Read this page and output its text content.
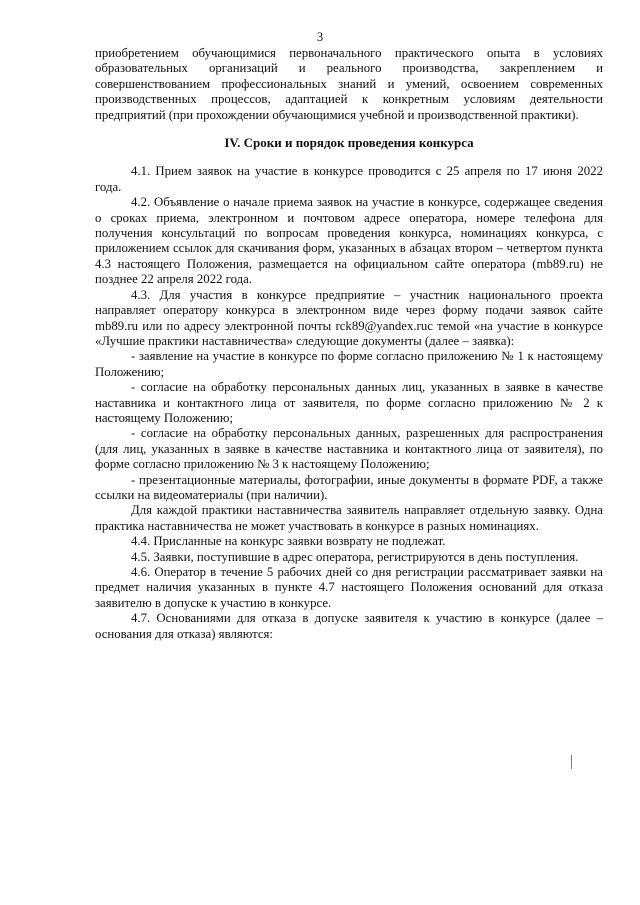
3

приобретением обучающимися первоначального практического опыта в условиях образовательных организаций и реального производства, закреплением и совершенствованием профессиональных знаний и умений, освоением современных производственных процессов, адаптацией к конкретным условиям деятельности предприятий (при прохождении обучающимися учебной и производственной практики).

IV. Сроки и порядок проведения конкурса

4.1. Прием заявок на участие в конкурсе проводится с 25 апреля по 17 июня 2022 года.

4.2. Объявление о начале приема заявок на участие в конкурсе, содержащее сведения о сроках приема, электронном и почтовом адресе оператора, номере телефона для получения консультаций по вопросам проведения конкурса, номинациях конкурса, с приложением ссылок для скачивания форм, указанных в абзацах втором – четвертом пункта 4.3 настоящего Положения, размещается на официальном сайте оператора (mb89.ru) не позднее 22 апреля 2022 года.

4.3. Для участия в конкурсе предприятие – участник национального проекта направляет оператору конкурса в электронном виде через форму подачи заявок сайте mb89.ru или по адресу электронной почты rck89@yandex.ruс темой «на участие в конкурсе «Лучшие практики наставничества» следующие документы (далее – заявка):

- заявление на участие в конкурсе по форме согласно приложению № 1 к настоящему Положению;

- согласие на обработку персональных данных лиц, указанных в заявке в качестве наставника и контактного лица от заявителя, по форме согласно приложению № 2 к настоящему Положению;

- согласие на обработку персональных данных, разрешенных для распространения (для лиц, указанных в заявке в качестве наставника и контактного лица от заявителя), по форме согласно приложению № 3 к настоящему Положению;

- презентационные материалы, фотографии, иные документы в формате PDF, а также ссылки на видеоматериалы (при наличии).

Для каждой практики наставничества заявитель направляет отдельную заявку. Одна практика наставничества не может участвовать в конкурсе в разных номинациях.

4.4. Присланные на конкурс заявки возврату не подлежат.

4.5. Заявки, поступившие в адрес оператора, регистрируются в день поступления.

4.6. Оператор в течение 5 рабочих дней со дня регистрации рассматривает заявки на предмет наличия указанных в пункте 4.7 настоящего Положения оснований для отказа заявителю в допуске к участию в конкурсе.

4.7. Основаниями для отказа в допуске заявителя к участию в конкурсе (далее – основания для отказа) являются:
